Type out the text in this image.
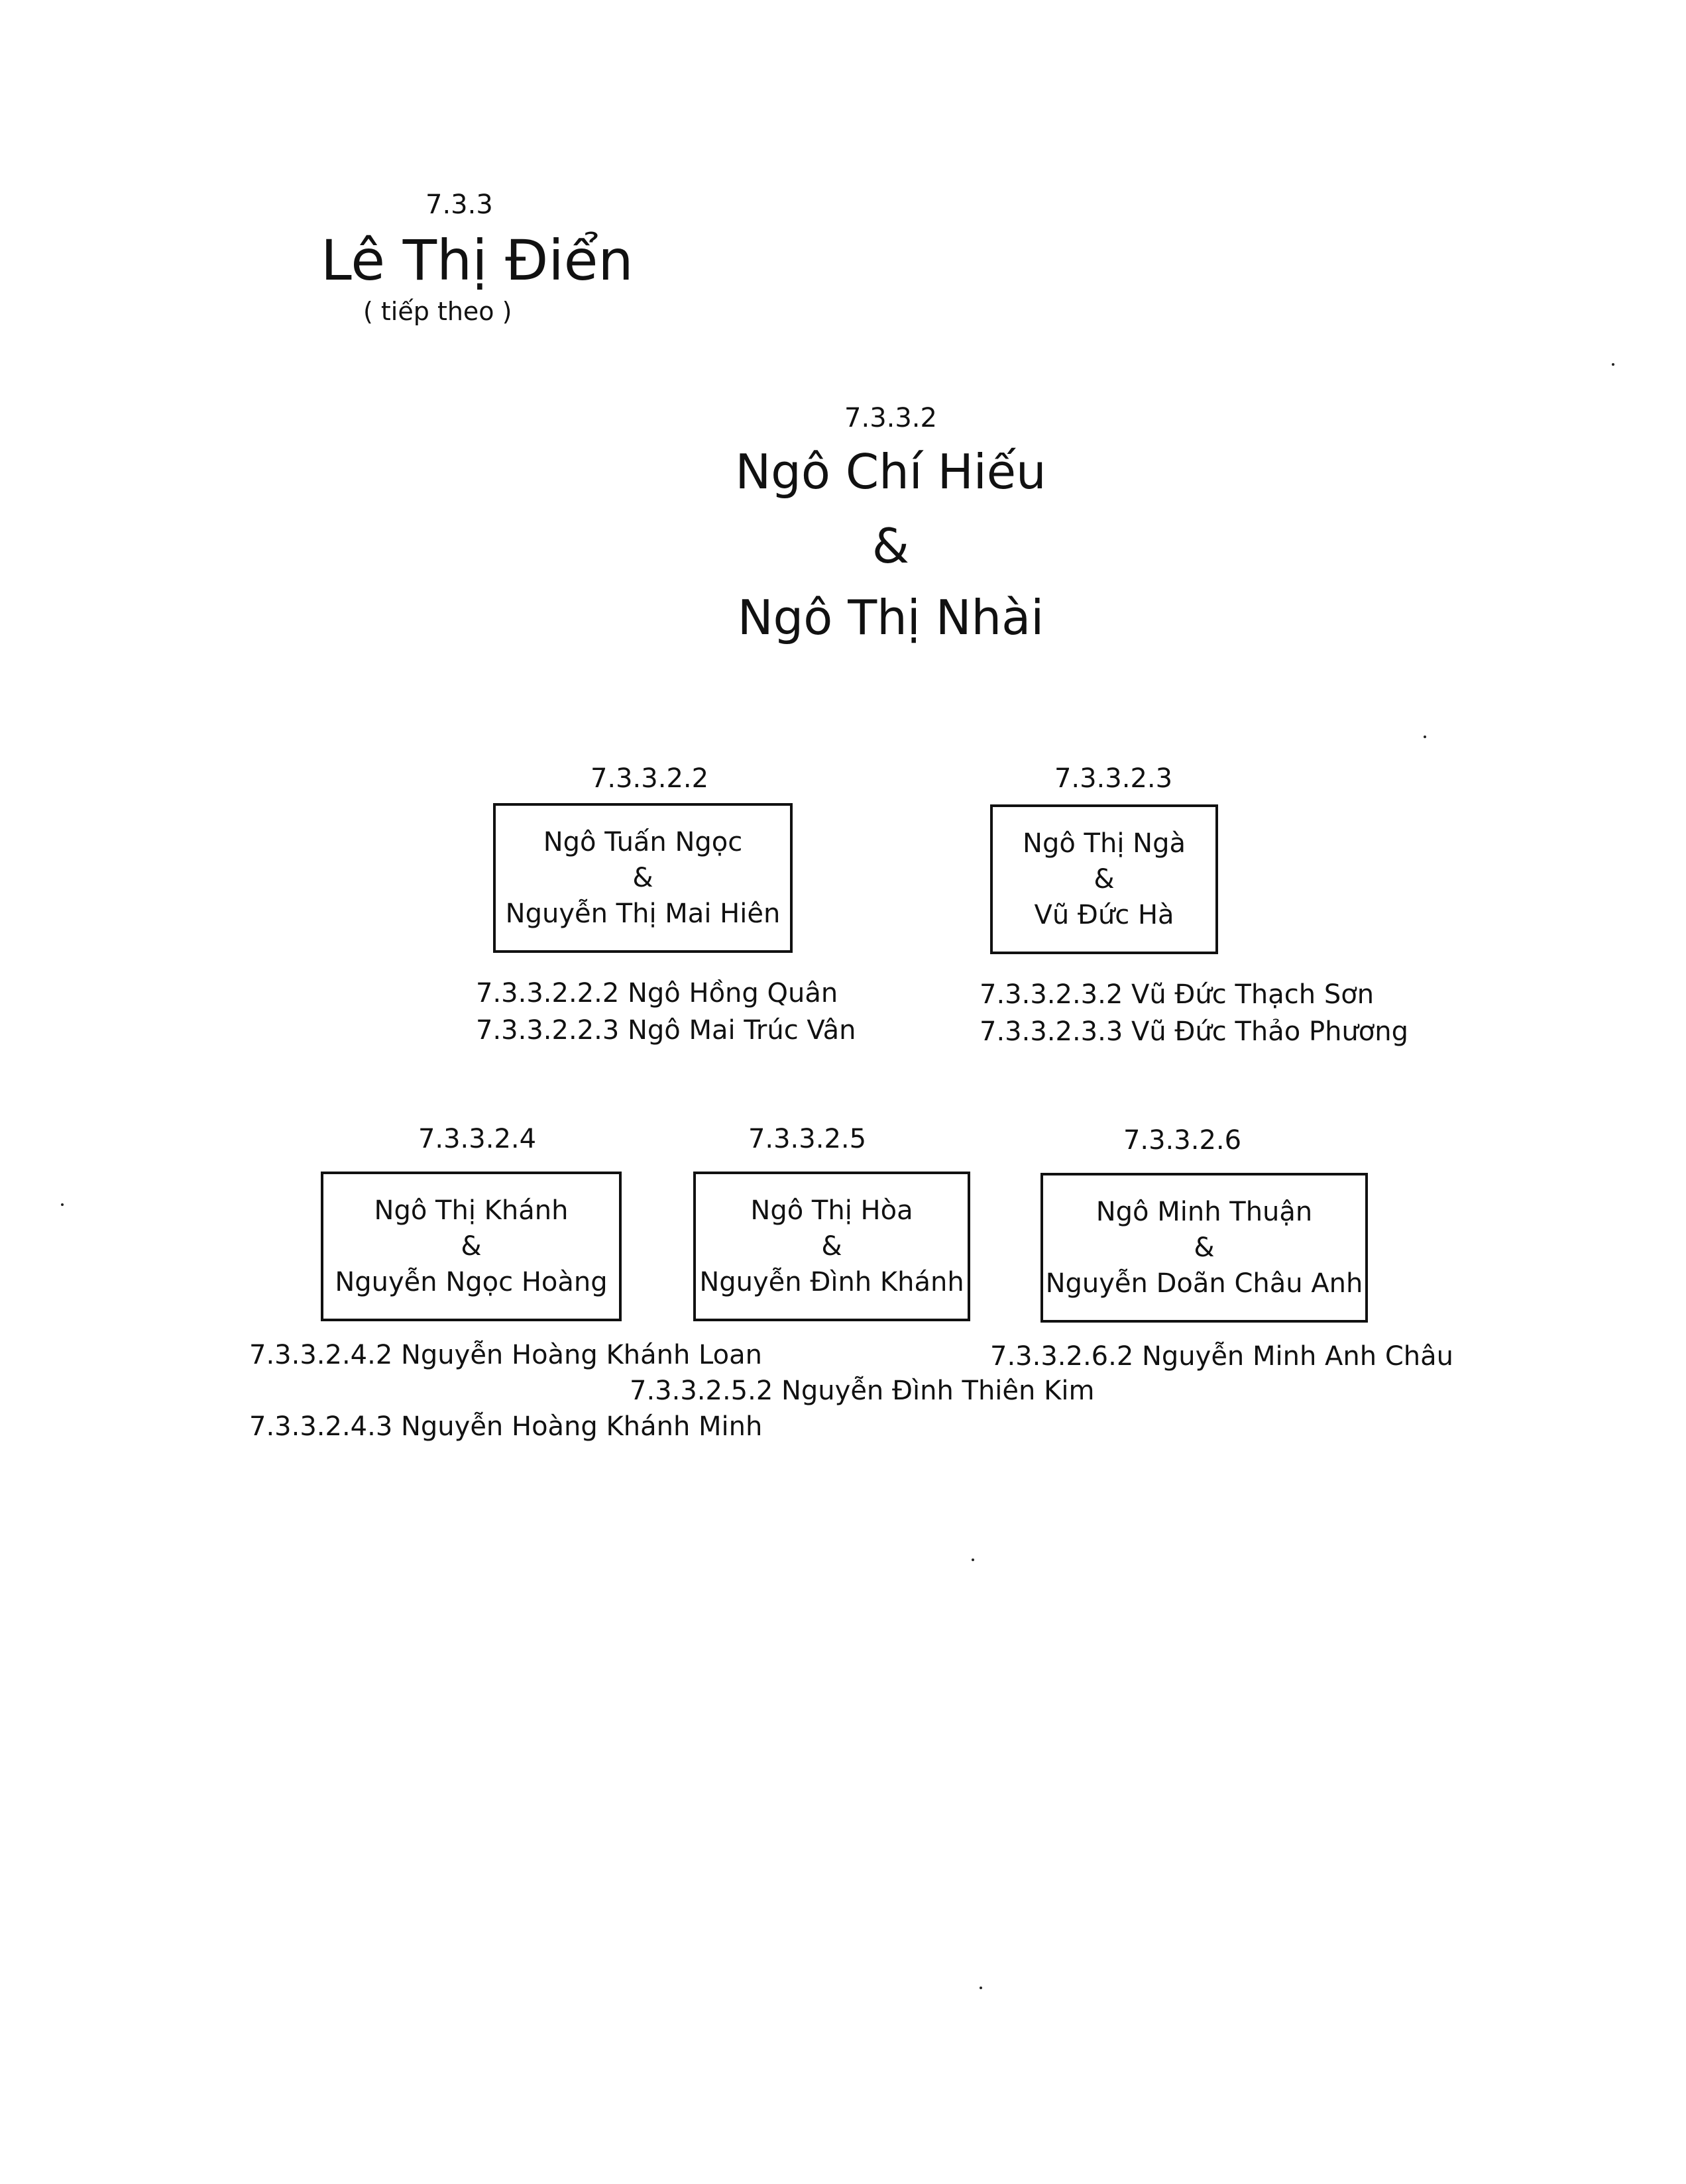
7.3.3
Lê Thị Điển
( tiếp theo )
7.3.3.2
Ngô Chí Hiếu
&
Ngô Thị Nhài
7.3.3.2.2
Ngô Tuấn Ngọc
&
Nguyễn Thị Mai Hiên
7.3.3.2.2.2 Ngô Hồng Quân
7.3.3.2.2.3 Ngô Mai Trúc Vân
7.3.3.2.3
Ngô Thị Ngà
&
Vũ Đức Hà
7.3.3.2.3.2 Vũ Đức Thạch Sơn
7.3.3.2.3.3 Vũ Đức Thảo Phương
7.3.3.2.4
Ngô Thị Khánh
&
Nguyễn Ngọc Hoàng
7.3.3.2.4.2 Nguyễn Hoàng Khánh Loan
7.3.3.2.4.3 Nguyễn Hoàng Khánh Minh
7.3.3.2.5
Ngô Thị Hòa
&
Nguyễn Đình Khánh
7.3.3.2.5.2 Nguyễn Đình Thiên Kim
7.3.3.2.6
Ngô Minh Thuận
&
Nguyễn Doãn Châu Anh
7.3.3.2.6.2 Nguyễn Minh Anh Châu
